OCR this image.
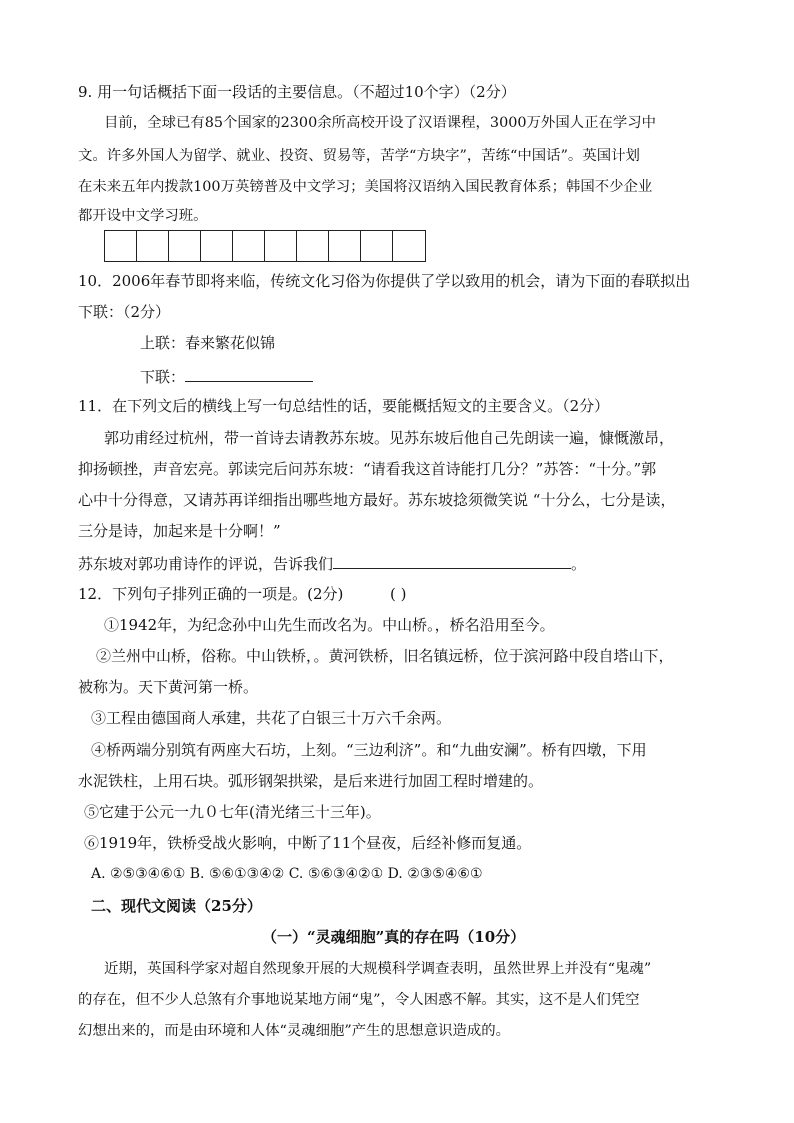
9. 用一句话概括下面一段话的主要信息。（不超过10个字）（2分）
目前，全球已有85个国家的2300余所高校开设了汉语课程，3000万外国人正在学习中
文。许多外国人为留学、就业、投资、贸易等，苦学“方块字”，苦练“中国话”。英国计划
在未来五年内拨款100万英镑普及中文学习；美国将汉语纳入国民教育体系；韩国不少企业
都开设中文学习班。
10．2006年春节即将来临，传统文化习俗为你提供了学以致用的机会，请为下面的春联拟出
下联：（2分）
上联：春来繁花似锦
下联：
11．在下列文后的横线上写一句总结性的话，要能概括短文的主要含义。（2分）
郭功甫经过杭州，带一首诗去请教苏东坡。见苏东坡后他自己先朗读一遍，慷慨激昂，
抑扬顿挫，声音宏亮。郭读完后问苏东坡：“请看我这首诗能打几分？”苏答：“十分。”郭
心中十分得意，又请苏再详细指出哪些地方最好。苏东坡捻须微笑说 “十分么，七分是读，
三分是诗，加起来是十分啊！”
苏东坡对郭功甫诗作的评说，告诉我们	。
12．下列句子排列正确的一项是。(2分)	( )
①1942年，为纪念孙中山先生而改名为。中山桥。，桥名沿用至今。
②兰州中山桥，俗称。中山铁桥，。黄河铁桥，旧名镇远桥，位于滨河路中段自塔山下，
被称为。天下黄河第一桥。
③工程由德国商人承建，共花了白银三十万六千余两。
④桥两端分别筑有两座大石坊，上刻。“三边利济”。和“九曲安澜”。桥有四墩，下用
水泥铁柱，上用石块。弧形钢架拱梁，是后来进行加固工程时增建的。
⑤它建于公元一九０七年(清光绪三十三年)。
⑥1919年，铁桥受战火影响，中断了11个昼夜，后经补修而复通。
A. ②⑤③④⑥① B. ⑤⑥①③④② C. ⑤⑥③④②① D. ②③⑤④⑥①
二、现代文阅读（25分）
（一）“灵魂细胞”真的存在吗（10分）
近期，英国科学家对超自然现象开展的大规模科学调查表明，虽然世界上并没有“鬼魂”
的存在，但不少人总煞有介事地说某地方闹“鬼”，令人困惑不解。其实，这不是人们凭空
幻想出来的，而是由环境和人体“灵魂细胞”产生的思想意识造成的。
